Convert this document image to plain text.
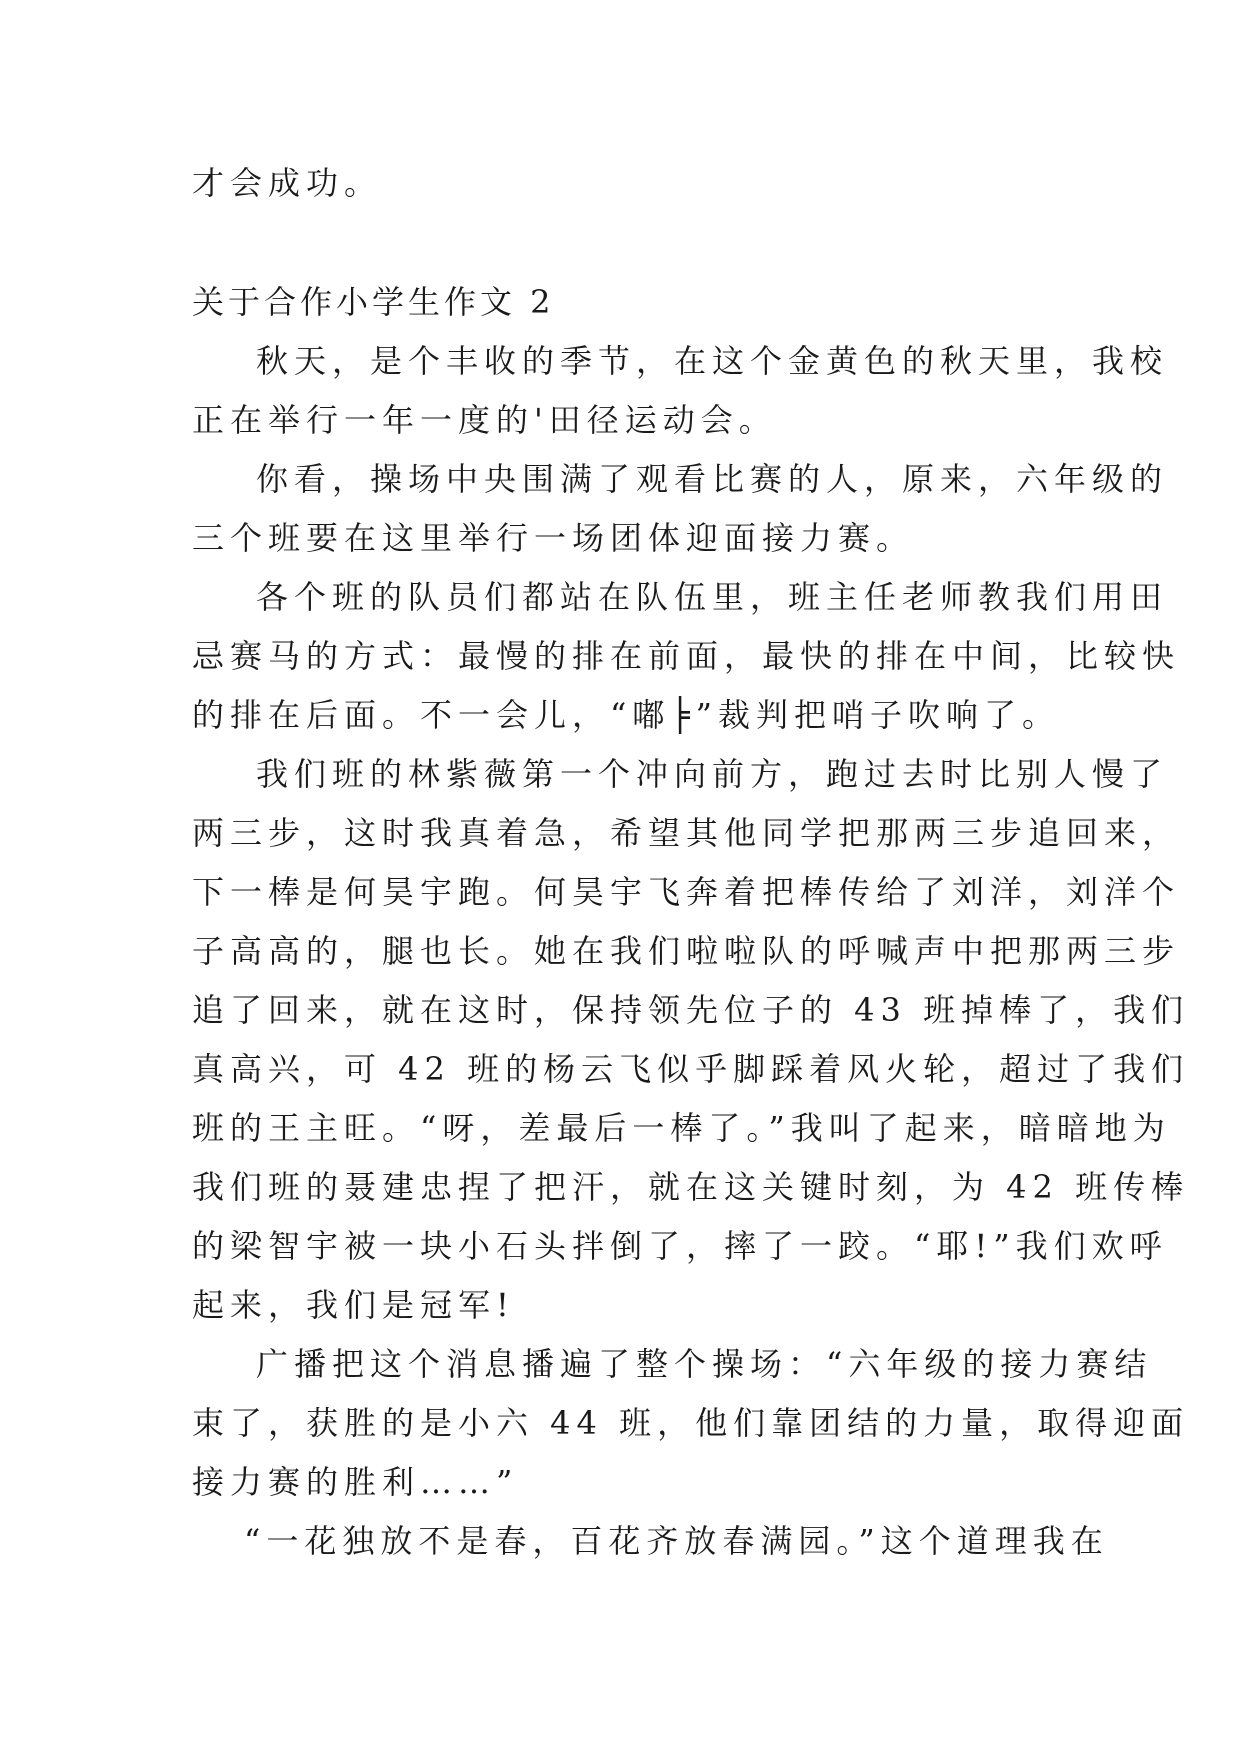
才会成功。

关于合作小学生作文 2

秋天，是个丰收的季节，在这个金黄色的秋天里，我校

正在举行一年一度的'田径运动会。

你看，操场中央围满了观看比赛的人，原来，六年级的

三个班要在这里举行一场团体迎面接力赛。

各个班的队员们都站在队伍里，班主任老师教我们用田

忌赛马的方式：最慢的排在前面，最快的排在中间，比较快

的排在后面。不一会儿，“嘟╞”裁判把哨子吹响了。

我们班的林紫薇第一个冲向前方，跑过去时比别人慢了

两三步，这时我真着急，希望其他同学把那两三步追回来，

下一棒是何昊宇跑。何昊宇飞奔着把棒传给了刘洋，刘洋个

子高高的，腿也长。她在我们啦啦队的呼喊声中把那两三步

追了回来，就在这时，保持领先位子的 43 班掉棒了，我们

真高兴，可 42 班的杨云飞似乎脚踩着风火轮，超过了我们

班的王主旺。“呀，差最后一棒了。”我叫了起来，暗暗地为

我们班的聂建忠捏了把汗，就在这关键时刻，为 42 班传棒

的梁智宇被一块小石头拌倒了，摔了一跤。“耶!”我们欢呼

起来，我们是冠军!

广播把这个消息播遍了整个操场：“六年级的接力赛结

束了，获胜的是小六 44 班，他们靠团结的力量，取得迎面

接力赛的胜利……”

“一花独放不是春，百花齐放春满园。”这个道理我在
